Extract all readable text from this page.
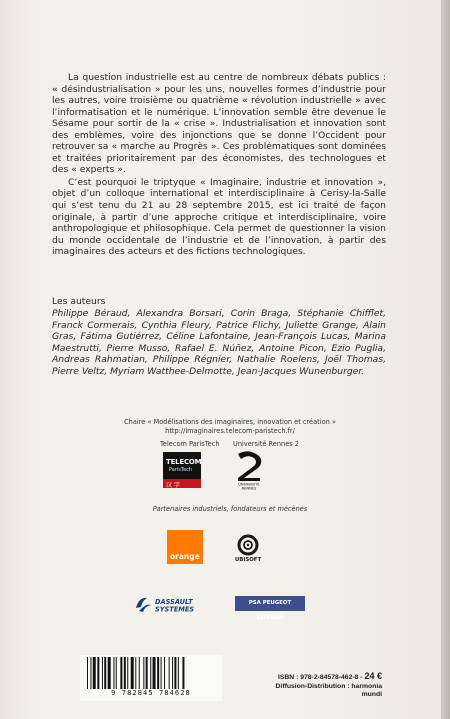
La question industrielle est au centre de nombreux débats publics : « désindustrialisation » pour les uns, nouvelles formes d’industrie pour les autres, voire troisième ou quatrième « révolution industrielle » avec l’informatisation et le numérique. L’innovation semble être devenue le Sésame pour sortir de la « crise ». Industrialisation et innovation sont des emblèmes, voire des injonctions que se donne l’Occident pour retrouver sa « marche au Progrès ». Ces problématiques sont dominées et traitées prioritairement par des économistes, des technologues et des « experts ».

C’est pourquoi le triptyque « Imaginaire, industrie et innovation », objet d’un colloque international et interdisciplinaire à Cerisy-la-Salle qui s’est tenu du 21 au 28 septembre 2015, est ici traité de façon originale, à partir d’une approche critique et interdisciplinaire, voire anthropologique et philosophique. Cela permet de questionner la vision du monde occidentale de l’industrie et de l’innovation, à partir des imaginaires des acteurs et des fictions technologiques.

Les auteurs
Philippe Béraud, Alexandra Borsari, Corin Braga, Stéphanie Chifflet, Franck Cormerais, Cynthia Fleury, Patrice Flichy, Juliette Grange, Alain Gras, Fátima Gutiérrez, Céline Lafontaine, Jean-François Lucas, Marina Maestrutti, Pierre Musso, Rafael E. Núñez, Antoine Picon, Ezio Puglia, Andreas Rahmatian, Philippe Régnier, Nathalie Roelens, Joël Thomas, Pierre Veltz, Myriam Watthee-Delmotte, Jean-Jacques Wunenburger.
Chaire « Modélisations des imaginaires, innovation et création »
http://imaginaires.telecom-paristech.fr/
Telecom ParisTech Université Rennes 2
TELECOM
ParisTech
汉字	UNIVERSITÉ
RENNES
Partenaires industriels, fondateurs et mécènes
orange	UBISOFT
DASSAULT
SYSTEMES
PSA PEUGEOT CITROËN
9 782845 784628
ISBN : 978-2-84578-462-8 - 24 €
Diffusion-Distribution : harmonia mundi
